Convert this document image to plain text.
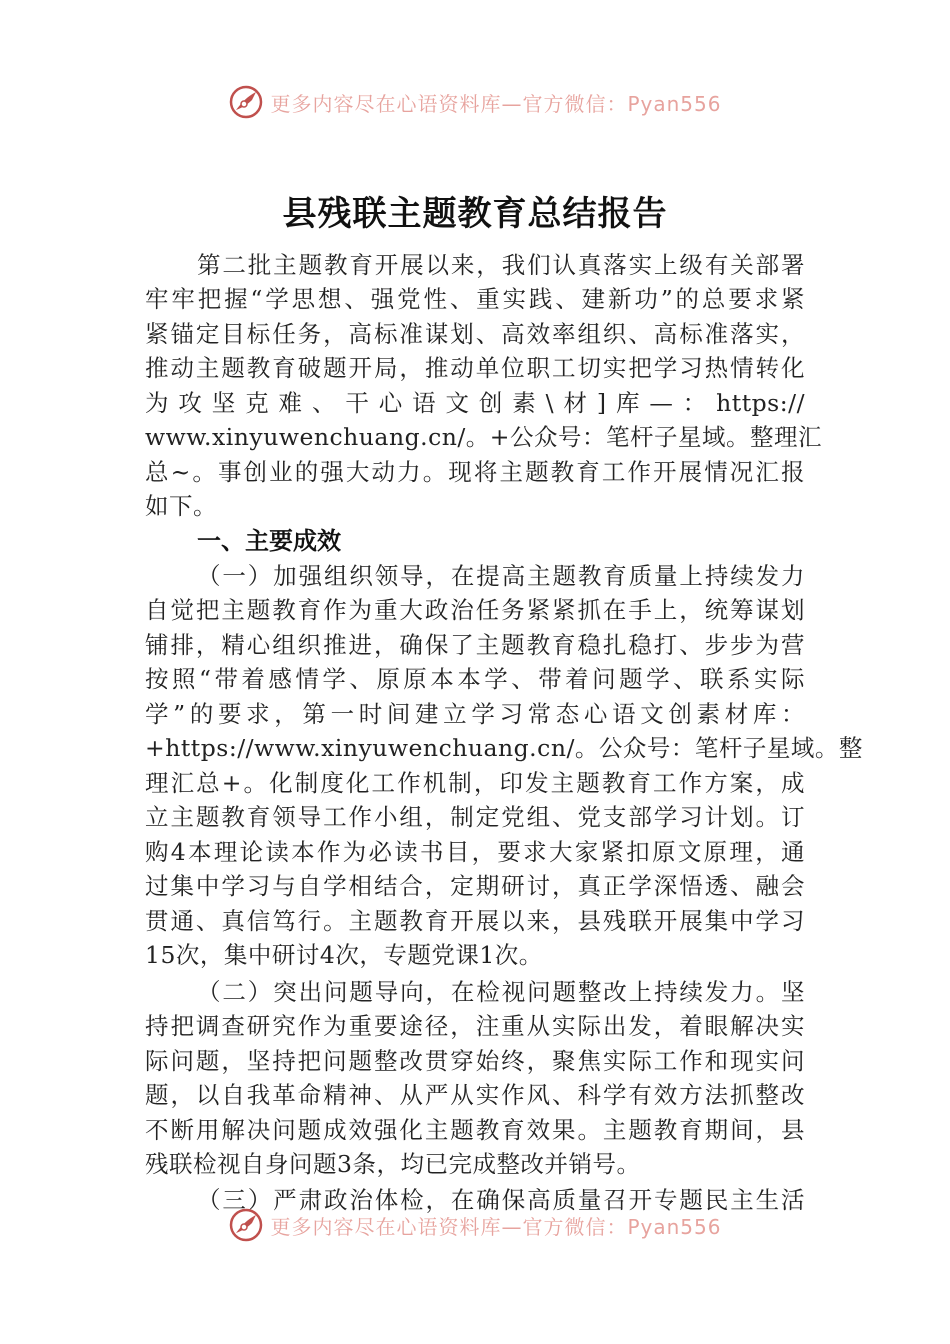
更多内容尽在心语资料库—官方微信：Pyan556
县残联主题教育总结报告
第二批主题教育开展以来，我们认真落实上级有关部署
牢牢把握“学思想、强党性、重实践、建新功”的总要求紧
紧锚定目标任务，高标准谋划、高效率组织、高标准落实，
推动主题教育破题开局，推动单位职工切实把学习热情转化
为攻坚克难、干心语文创素\材]库—：https://
www.xinyuwenchuang.cn/。+公众号：笔杆子星域。整理汇
总~。事创业的强大动力。现将主题教育工作开展情况汇报
如下。
一、主要成效
（一）加强组织领导，在提高主题教育质量上持续发力
自觉把主题教育作为重大政治任务紧紧抓在手上，统筹谋划
铺排，精心组织推进，确保了主题教育稳扎稳打、步步为营
按照“带着感情学、原原本本学、带着问题学、联系实际
学”的要求，第一时间建立学习常态心语文创素材库：
+https://www.xinyuwenchuang.cn/。公众号：笔杆子星域。整
理汇总+。化制度化工作机制，印发主题教育工作方案，成
立主题教育领导工作小组，制定党组、党支部学习计划。订
购4本理论读本作为必读书目，要求大家紧扣原文原理，通
过集中学习与自学相结合，定期研讨，真正学深悟透、融会
贯通、真信笃行。主题教育开展以来，县残联开展集中学习
15次，集中研讨4次，专题党课1次。
（二）突出问题导向，在检视问题整改上持续发力。坚
持把调查研究作为重要途径，注重从实际出发，着眼解决实
际问题，坚持把问题整改贯穿始终，聚焦实际工作和现实问
题，以自我革命精神、从严从实作风、科学有效方法抓整改
不断用解决问题成效强化主题教育效果。主题教育期间，县
残联检视自身问题3条，均已完成整改并销号。
（三）严肃政治体检，在确保高质量召开专题民主生活
更多内容尽在心语资料库—官方微信：Pyan556
